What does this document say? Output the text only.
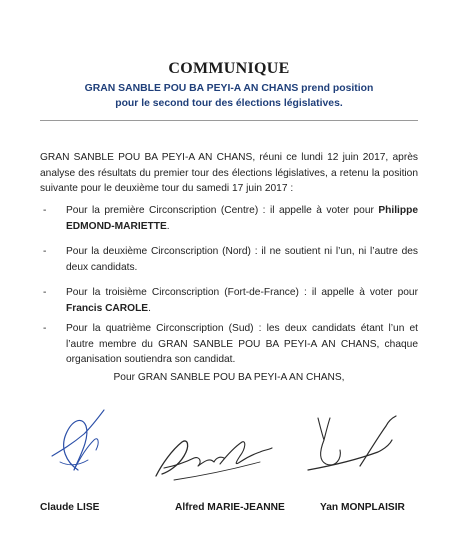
COMMUNIQUE
GRAN SANBLE POU BA PEYI-A AN CHANS prend position
pour le second tour des élections législatives.
GRAN SANBLE POU BA PEYI-A AN CHANS, réuni ce lundi 12 juin 2017, après analyse des résultats du premier tour des élections législatives, a retenu la position suivante pour le deuxième tour du samedi 17 juin 2017 :
- Pour la première Circonscription (Centre) : il appelle à voter pour Philippe EDMOND-MARIETTE.
- Pour la deuxième Circonscription (Nord) : il ne soutient ni l’un, ni l’autre des deux candidats.
- Pour la troisième Circonscription (Fort-de-France) : il appelle à voter pour Francis CAROLE.
- Pour la quatrième Circonscription (Sud) : les deux candidats étant l’un et l’autre membre du GRAN SANBLE POU BA PEYI-A AN CHANS, chaque organisation soutiendra son candidat.
Pour GRAN SANBLE POU BA PEYI-A AN CHANS,
Claude LISE	Alfred MARIE-JEANNE	Yan MONPLAISIR
